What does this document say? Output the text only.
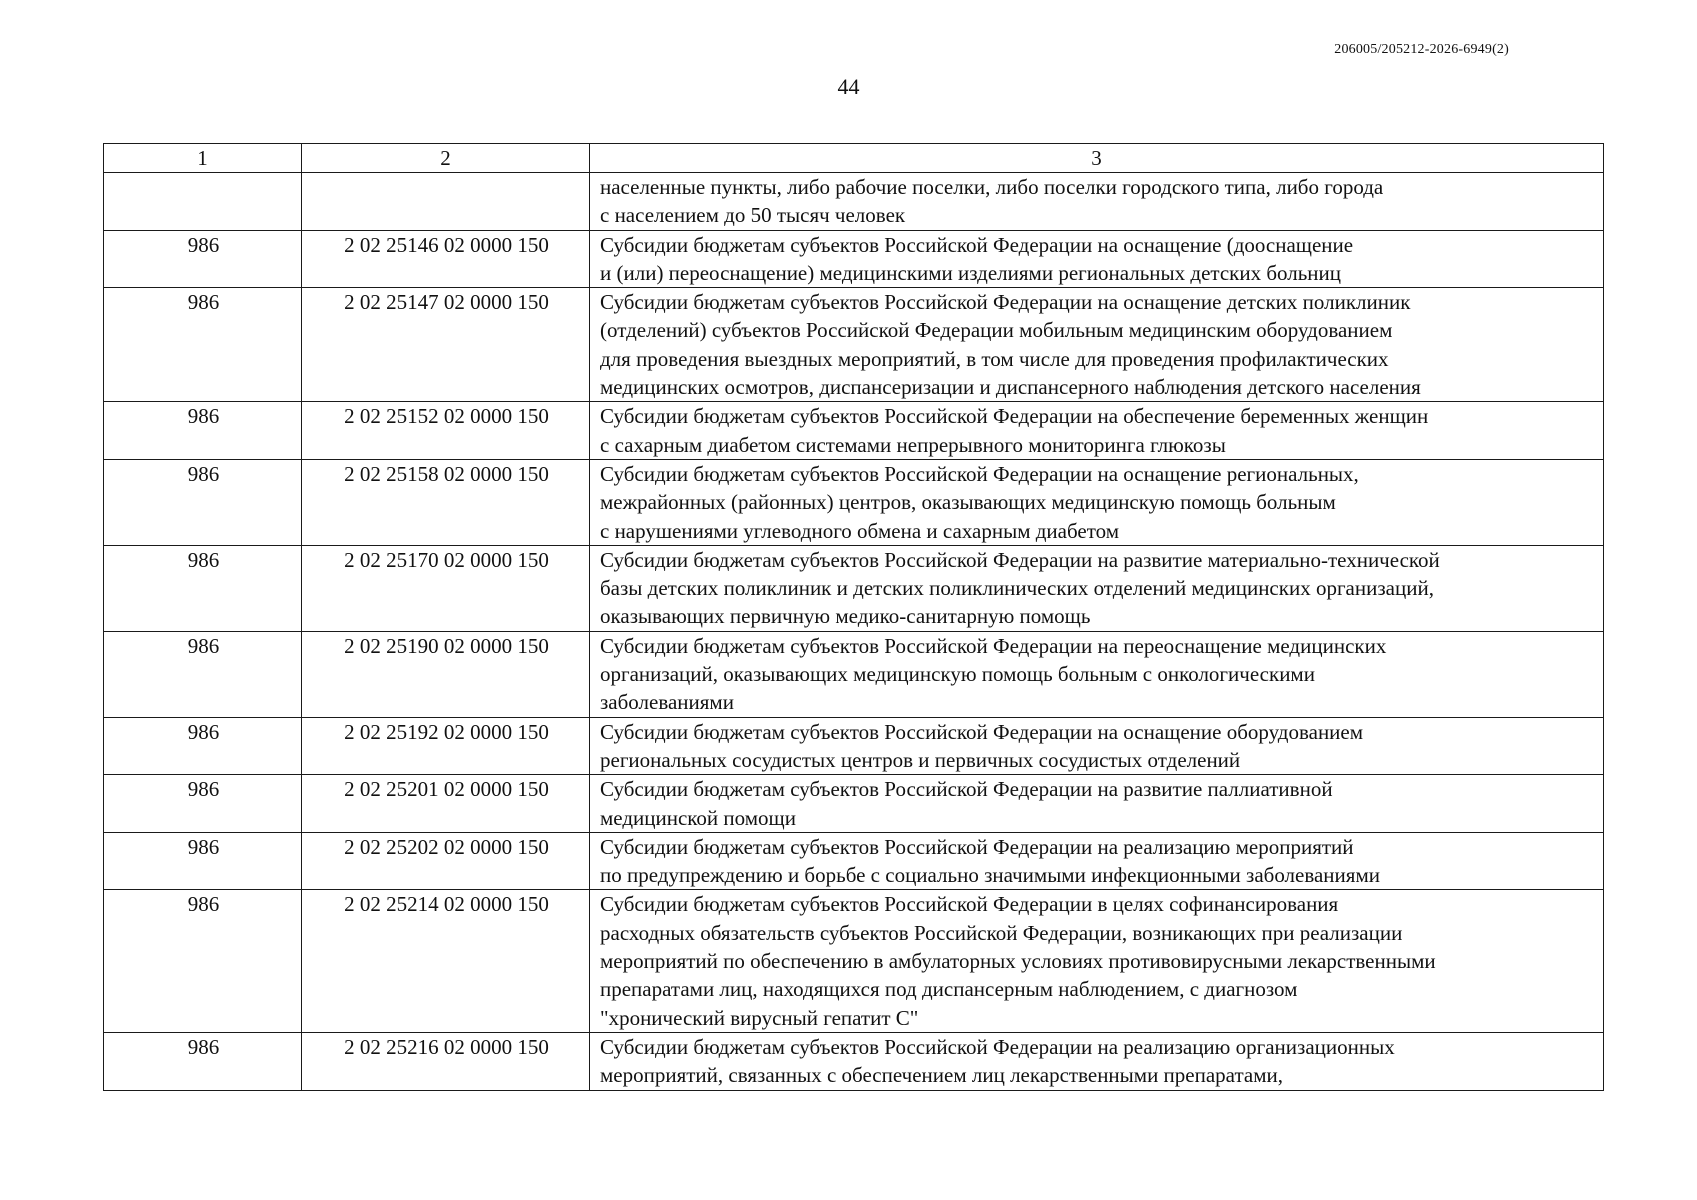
206005/205212-2026-6949(2)
44
1	2	3

		населенные пункты, либо рабочие поселки, либо поселки городского типа, либо города
с населением до 50 тысяч человек

986	2 02 25146 02 0000 150	Субсидии бюджетам субъектов Российской Федерации на оснащение (дооснащение
и (или) переоснащение) медицинскими изделиями региональных детских больниц

986	2 02 25147 02 0000 150	Субсидии бюджетам субъектов Российской Федерации на оснащение детских поликлиник
(отделений) субъектов Российской Федерации мобильным медицинским оборудованием
для проведения выездных мероприятий, в том числе для проведения профилактических
медицинских осмотров, диспансеризации и диспансерного наблюдения детского населения

986	2 02 25152 02 0000 150	Субсидии бюджетам субъектов Российской Федерации на обеспечение беременных женщин
с сахарным диабетом системами непрерывного мониторинга глюкозы

986	2 02 25158 02 0000 150	Субсидии бюджетам субъектов Российской Федерации на оснащение региональных,
межрайонных (районных) центров, оказывающих медицинскую помощь больным
с нарушениями углеводного обмена и сахарным диабетом

986	2 02 25170 02 0000 150	Субсидии бюджетам субъектов Российской Федерации на развитие материально-технической
базы детских поликлиник и детских поликлинических отделений медицинских организаций,
оказывающих первичную медико-санитарную помощь

986	2 02 25190 02 0000 150	Субсидии бюджетам субъектов Российской Федерации на переоснащение медицинских
организаций, оказывающих медицинскую помощь больным с онкологическими
заболеваниями

986	2 02 25192 02 0000 150	Субсидии бюджетам субъектов Российской Федерации на оснащение оборудованием
региональных сосудистых центров и первичных сосудистых отделений

986	2 02 25201 02 0000 150	Субсидии бюджетам субъектов Российской Федерации на развитие паллиативной
медицинской помощи

986	2 02 25202 02 0000 150	Субсидии бюджетам субъектов Российской Федерации на реализацию мероприятий
по предупреждению и борьбе с социально значимыми инфекционными заболеваниями

986	2 02 25214 02 0000 150	Субсидии бюджетам субъектов Российской Федерации в целях софинансирования
расходных обязательств субъектов Российской Федерации, возникающих при реализации
мероприятий по обеспечению в амбулаторных условиях противовирусными лекарственными
препаратами лиц, находящихся под диспансерным наблюдением, с диагнозом
"хронический вирусный гепатит С"

986	2 02 25216 02 0000 150	Субсидии бюджетам субъектов Российской Федерации на реализацию организационных
мероприятий, связанных с обеспечением лиц лекарственными препаратами,
